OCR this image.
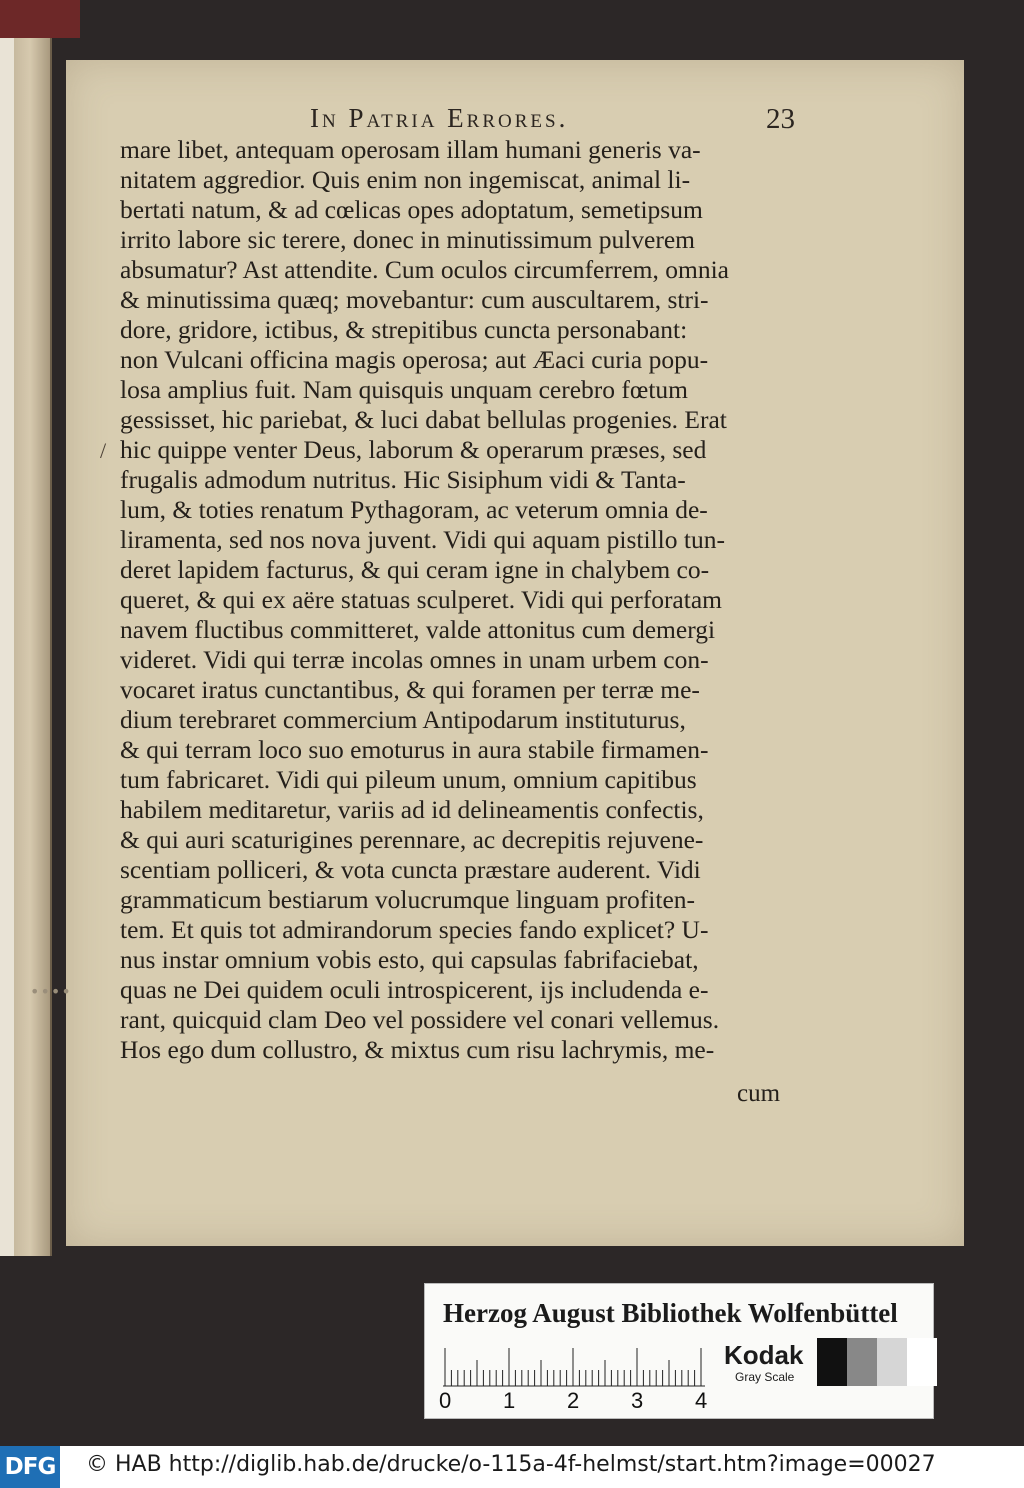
In Patria Errores.	23
/
••••
mare libet, antequam operosam illam humani generis va-
nitatem aggredior. Quis enim non ingemiscat, animal li-
bertati natum, & ad cœlicas opes adoptatum, semetipsum
irrito labore sic terere, donec in minutissimum pulverem
absumatur? Ast attendite. Cum oculos circumferrem, omnia
& minutissima quæq; movebantur: cum auscultarem, stri-
dore, gridore, ictibus, & strepitibus cuncta personabant:
non Vulcani officina magis operosa; aut Æaci curia popu-
losa amplius fuit. Nam quisquis unquam cerebro fœtum
gessisset, hic pariebat, & luci dabat bellulas progenies. Erat
hic quippe venter Deus, laborum & operarum præses, sed
frugalis admodum nutritus. Hic Sisiphum vidi & Tanta-
lum, & toties renatum Pythagoram, ac veterum omnia de-
liramenta, sed nos nova juvent. Vidi qui aquam pistillo tun-
deret lapidem facturus, & qui ceram igne in chalybem co-
queret, & qui ex aëre statuas sculperet. Vidi qui perforatam
navem fluctibus committeret, valde attonitus cum demergi
videret. Vidi qui terræ incolas omnes in unam urbem con-
vocaret iratus cunctantibus, & qui foramen per terræ me-
dium terebraret commercium Antipodarum instituturus,
& qui terram loco suo emoturus in aura stabile firmamen-
tum fabricaret. Vidi qui pileum unum, omnium capitibus
habilem meditaretur, variis ad id delineamentis confectis,
& qui auri scaturigines perennare, ac decrepitis rejuvene-
scentiam polliceri, & vota cuncta præstare auderent. Vidi
grammaticum bestiarum volucrumque linguam profiten-
tem. Et quis tot admirandorum species fando explicet? U-
nus instar omnium vobis esto, qui capsulas fabrifaciebat,
quas ne Dei quidem oculi introspicerent, ijs includenda e-
rant, quicquid clam Deo vel possidere vel conari vellemus.
Hos ego dum collustro, & mixtus cum risu lachrymis, me-
cum
Herzog August Bibliothek Wolfenbüttel
0 1 2 3 4
Kodak
Gray Scale
DFG © HAB http://diglib.hab.de/drucke/o-115a-4f-helmst/start.htm?image=00027
